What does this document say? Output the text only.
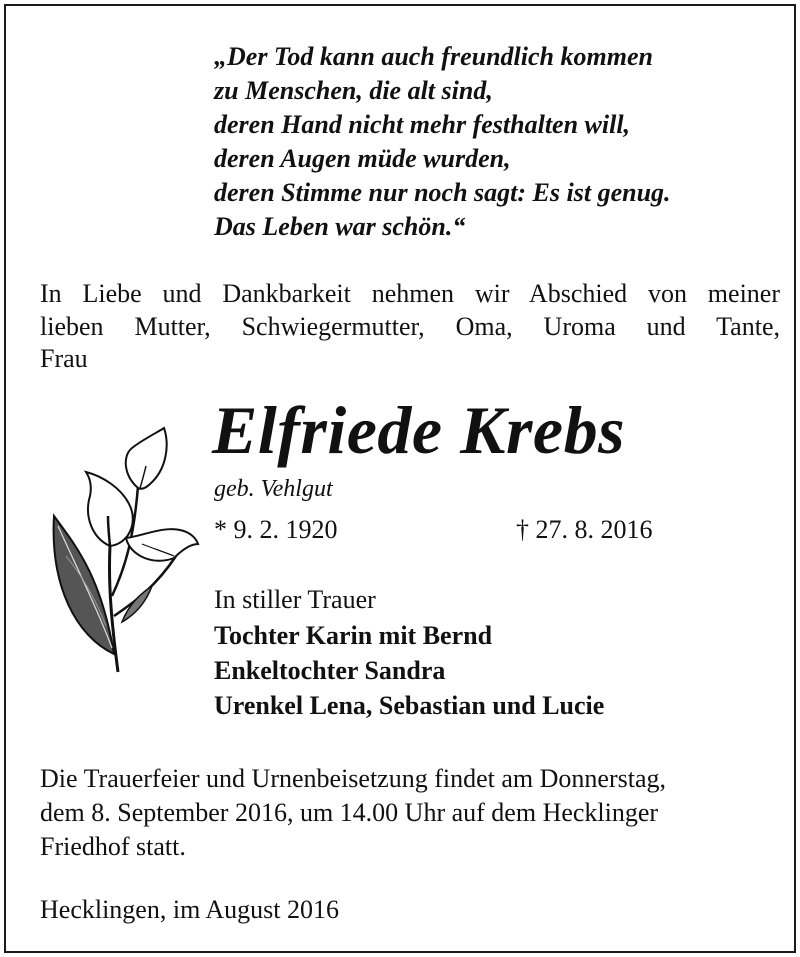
„Der Tod kann auch freundlich kommen
zu Menschen, die alt sind,
deren Hand nicht mehr festhalten will,
deren Augen müde wurden,
deren Stimme nur noch sagt: Es ist genug.
Das Leben war schön.“
In Liebe und Dankbarkeit nehmen wir Abschied von meiner
lieben Mutter, Schwiegermutter, Oma, Uroma und Tante,
Frau
Elfriede Krebs
geb. Vehlgut
* 9. 2. 1920	† 27. 8. 2016
In stiller Trauer
Tochter Karin mit Bernd
Enkeltochter Sandra
Urenkel Lena, Sebastian und Lucie
Die Trauerfeier und Urnenbeisetzung findet am Donnerstag,
dem 8. September 2016, um 14.00 Uhr auf dem Hecklinger
Friedhof statt.
Hecklingen, im August 2016
